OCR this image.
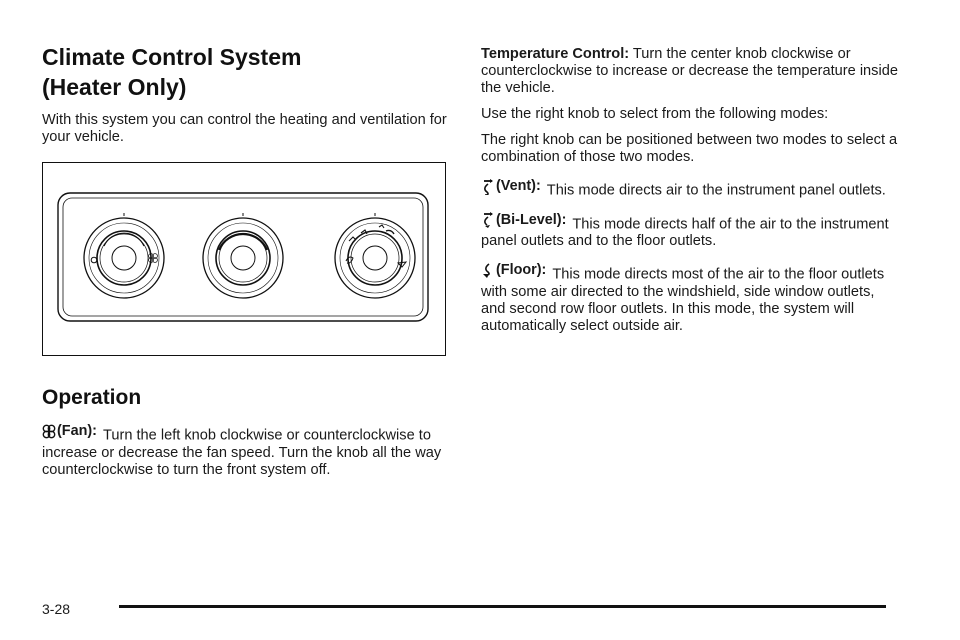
Climate Control System
(Heater Only)

With this system you can control the heating and ventilation for your vehicle.

Operation

(Fan): Turn the left knob clockwise or counterclockwise to increase or decrease the fan speed. Turn the knob all the way counterclockwise to turn the front system off.

Temperature Control: Turn the center knob clockwise or counterclockwise to increase or decrease the temperature inside the vehicle.

Use the right knob to select from the following modes:

The right knob can be positioned between two modes to select a combination of those two modes.

(Vent): This mode directs air to the instrument panel outlets.

(Bi-Level): This mode directs half of the air to the instrument panel outlets and to the floor outlets.

(Floor): This mode directs most of the air to the floor outlets with some air directed to the windshield, side window outlets, and second row floor outlets. In this mode, the system will automatically select outside air.

3-28
